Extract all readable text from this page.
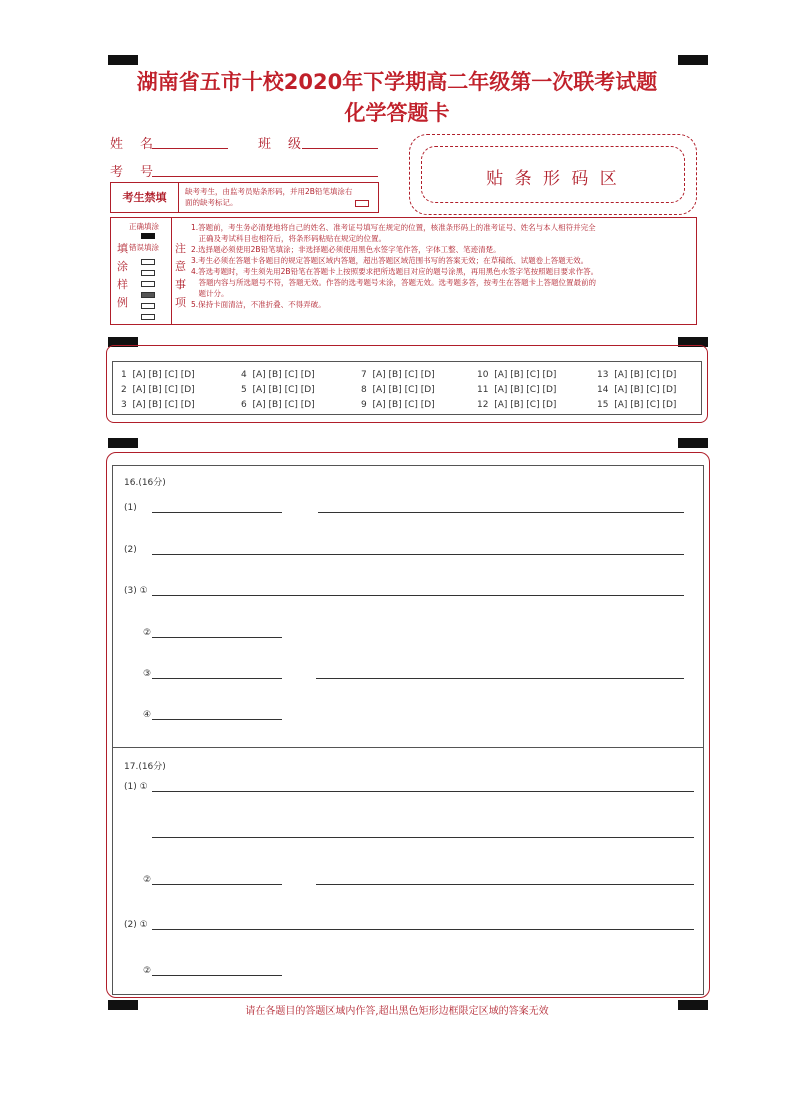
湖南省五市十校2020年下学期高二年级第一次联考试题
化学答题卡
姓　名	班　级
考　号
考生禁填	缺考考生，由监考员贴条形码，并用2B铅笔填涂右
面的缺考标记。
贴 条 形 码 区
正确填涂
错误填涂
填
涂
样
例
注
意
事
项
1.答题前，考生务必清楚地将自己的姓名、准考证号填写在规定的位置，核准条形码上的准考证号、姓名与本人相符并完全
　正确及考试科目也相符后，将条形码粘贴在规定的位置。
2.选择题必须使用2B铅笔填涂；非选择题必须使用黑色水签字笔作答，字体工整、笔迹清楚。
3.考生必须在答题卡各题目的规定答题区域内答题，超出答题区域范围书写的答案无效；在草稿纸、试题卷上答题无效。
4.答选考题时，考生须先用2B铅笔在答题卡上按照要求把所选题目对应的题号涂黑，再用黑色水签字笔按照题目要求作答。
　答题内容与所选题号不符，答题无效。作答的选考题号未涂，答题无效。选考题多答，按考生在答题卡上答题位置最前的
　题计分。
5.保持卡面清洁，不准折叠、不得弄破。
1 [A] [B] [C] [D]
2 [A] [B] [C] [D]
3 [A] [B] [C] [D]
4 [A] [B] [C] [D]
5 [A] [B] [C] [D]
6 [A] [B] [C] [D]
7 [A] [B] [C] [D]
8 [A] [B] [C] [D]
9 [A] [B] [C] [D]
10 [A] [B] [C] [D]
11 [A] [B] [C] [D]
12 [A] [B] [C] [D]
13 [A] [B] [C] [D]
14 [A] [B] [C] [D]
15 [A] [B] [C] [D]
16.(16分)
(1)
(2)
(3) ①
②
③
④
17.(16分)
(1) ①
②
(2) ①
②
请在各题目的答题区域内作答,超出黑色矩形边框限定区域的答案无效
